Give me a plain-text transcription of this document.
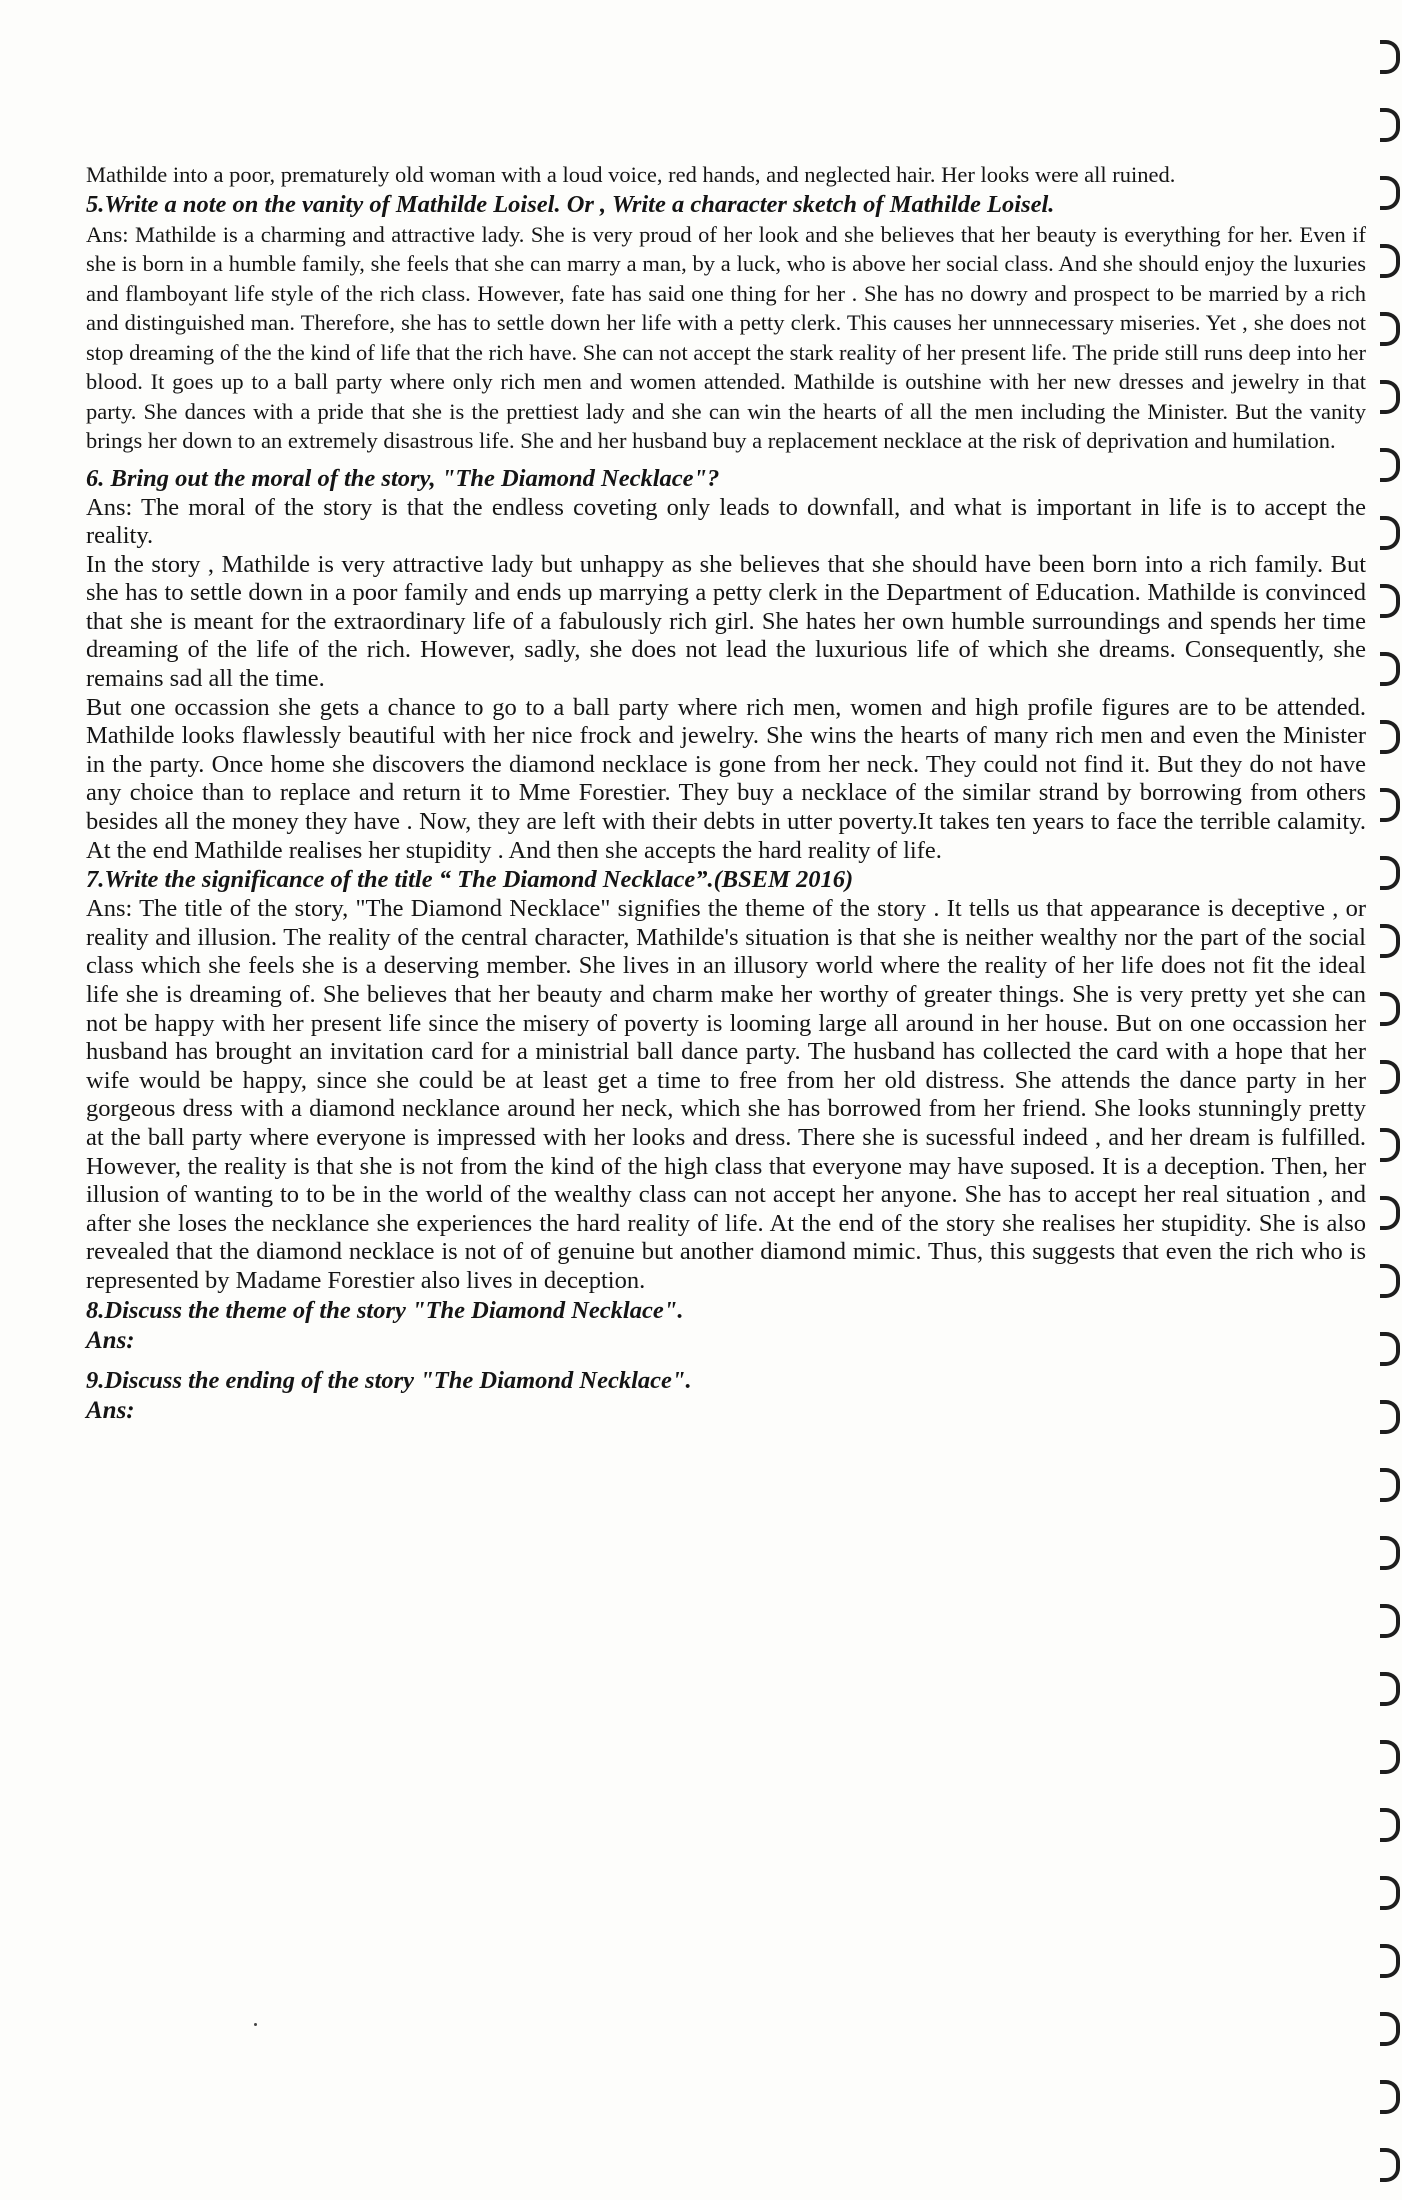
Mathilde into a poor, prematurely old woman with a loud voice, red hands, and neglected hair. Her looks were all ruined.

5.Write a note on the vanity of Mathilde Loisel. Or , Write a character sketch of Mathilde Loisel.

Ans: Mathilde is a charming and attractive lady. She is very proud of her look and she believes that her beauty is everything for her. Even if she is born in a humble family, she feels that she can marry a man, by a luck, who is above her social class. And she should enjoy the luxuries and flamboyant life style of the rich class. However, fate has said one thing for her . She has no dowry and prospect to be married by a rich and distinguished man. Therefore, she has to settle down her life with a petty clerk. This causes her unnnecessary miseries. Yet , she does not stop dreaming of the the kind of life that the rich have. She can not accept the stark reality of her present life. The pride still runs deep into her blood. It goes up to a ball party where only rich men and women attended. Mathilde is outshine with her new dresses and jewelry in that party. She dances with a pride that she is the prettiest lady and she can win the hearts of all the men including the Minister. But the vanity brings her down to an extremely disastrous life. She and her husband buy a replacement necklace at the risk of deprivation and humilation.

6. Bring out the moral of the story, "The Diamond Necklace"?

Ans: The moral of the story is that the endless coveting only leads to downfall, and what is important in life is to accept the reality.

In the story , Mathilde is very attractive lady but unhappy as she believes that she should have been born into a rich family. But she has to settle down in a poor family and ends up marrying a petty clerk in the Department of Education. Mathilde is convinced that she is meant for the extraordinary life of a fabulously rich girl. She hates her own humble surroundings and spends her time dreaming of the life of the rich. However, sadly, she does not lead the luxurious life of which she dreams. Consequently, she remains sad all the time.

But one occassion she gets a chance to go to a ball party where rich men, women and high profile figures are to be attended. Mathilde looks flawlessly beautiful with her nice frock and jewelry. She wins the hearts of many rich men and even the Minister in the party. Once home she discovers the diamond necklace is gone from her neck. They could not find it. But they do not have any choice than to replace and return it to Mme Forestier. They buy a necklace of the similar strand by borrowing from others besides all the money they have . Now, they are left with their debts in utter poverty.It takes ten years to face the terrible calamity. At the end Mathilde realises her stupidity . And then she accepts the hard reality of life.

7.Write the significance of the title “ The Diamond Necklace”.(BSEM 2016)

Ans: The title of the story, "The Diamond Necklace" signifies the theme of the story . It tells us that appearance is deceptive , or reality and illusion. The reality of the central character, Mathilde's situation is that she is neither wealthy nor the part of the social class which she feels she is a deserving member. She lives in an illusory world where the reality of her life does not fit the ideal life she is dreaming of. She believes that her beauty and charm make her worthy of greater things. She is very pretty yet she can not be happy with her present life since the misery of poverty is looming large all around in her house. But on one occassion her husband has brought an invitation card for a ministrial ball dance party. The husband has collected the card with a hope that her wife would be happy, since she could be at least get a time to free from her old distress. She attends the dance party in her gorgeous dress with a diamond necklance around her neck, which she has borrowed from her friend. She looks stunningly pretty at the ball party where everyone is impressed with her looks and dress. There she is sucessful indeed , and her dream is fulfilled. However, the reality is that she is not from the kind of the high class that everyone may have suposed. It is a deception. Then, her illusion of wanting to to be in the world of the wealthy class can not accept her anyone. She has to accept her real situation , and after she loses the necklance she experiences the hard reality of life. At the end of the story she realises her stupidity. She is also revealed that the diamond necklace is not of of genuine but another diamond mimic. Thus, this suggests that even the rich who is represented by Madame Forestier also lives in deception.

8.Discuss the theme of the story "The Diamond Necklace".
Ans:
9.Discuss the ending of the story "The Diamond Necklace".
Ans:
